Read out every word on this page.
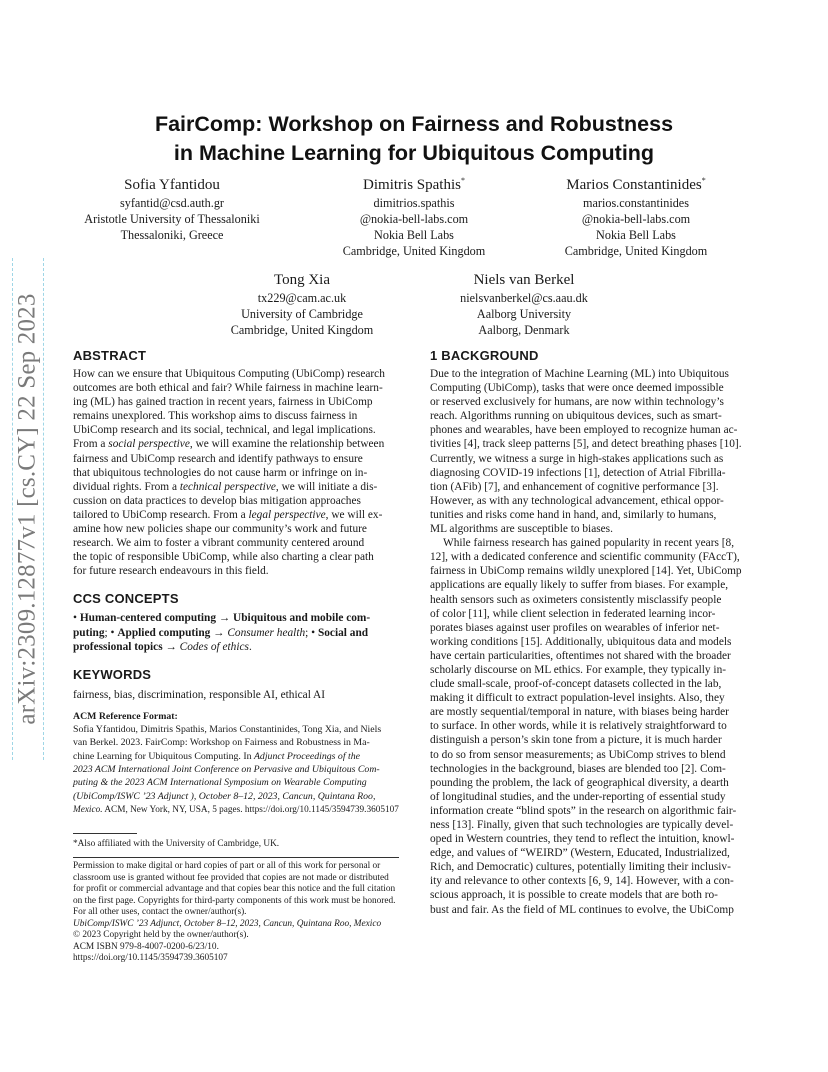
arXiv:2309.12877v1 [cs.CY] 22 Sep 2023
FairComp: Workshop on Fairness and Robustness
in Machine Learning for Ubiquitous Computing
Sofia Yfantidou
syfantid@csd.auth.gr
Aristotle University of Thessaloniki
Thessaloniki, Greece
Dimitris Spathis*
dimitrios.spathis
@nokia-bell-labs.com
Nokia Bell Labs
Cambridge, United Kingdom
Marios Constantinides*
marios.constantinides
@nokia-bell-labs.com
Nokia Bell Labs
Cambridge, United Kingdom
Tong Xia
tx229@cam.ac.uk
University of Cambridge
Cambridge, United Kingdom
Niels van Berkel
nielsvanberkel@cs.aau.dk
Aalborg University
Aalborg, Denmark
ABSTRACT
How can we ensure that Ubiquitous Computing (UbiComp) research
outcomes are both ethical and fair? While fairness in machine learn-
ing (ML) has gained traction in recent years, fairness in UbiComp
remains unexplored. This workshop aims to discuss fairness in
UbiComp research and its social, technical, and legal implications.
From a social perspective, we will examine the relationship between
fairness and UbiComp research and identify pathways to ensure
that ubiquitous technologies do not cause harm or infringe on in-
dividual rights. From a technical perspective, we will initiate a dis-
cussion on data practices to develop bias mitigation approaches
tailored to UbiComp research. From a legal perspective, we will ex-
amine how new policies shape our community’s work and future
research. We aim to foster a vibrant community centered around
the topic of responsible UbiComp, while also charting a clear path
for future research endeavours in this field.
CCS CONCEPTS
• Human-centered computing → Ubiquitous and mobile com-
puting; • Applied computing → Consumer health; • Social and
professional topics → Codes of ethics.
KEYWORDS
fairness, bias, discrimination, responsible AI, ethical AI
ACM Reference Format:
Sofia Yfantidou, Dimitris Spathis, Marios Constantinides, Tong Xia, and Niels
van Berkel. 2023. FairComp: Workshop on Fairness and Robustness in Ma-
chine Learning for Ubiquitous Computing. In Adjunct Proceedings of the
2023 ACM International Joint Conference on Pervasive and Ubiquitous Com-
puting & the 2023 ACM International Symposium on Wearable Computing
(UbiComp/ISWC ’23 Adjunct ), October 8–12, 2023, Cancun, Quintana Roo,
Mexico. ACM, New York, NY, USA, 5 pages. https://doi.org/10.1145/3594739.3605107
*Also affiliated with the University of Cambridge, UK.
Permission to make digital or hard copies of part or all of this work for personal or
classroom use is granted without fee provided that copies are not made or distributed
for profit or commercial advantage and that copies bear this notice and the full citation
on the first page. Copyrights for third-party components of this work must be honored.
For all other uses, contact the owner/author(s).
UbiComp/ISWC ’23 Adjunct, October 8–12, 2023, Cancun, Quintana Roo, Mexico
© 2023 Copyright held by the owner/author(s).
ACM ISBN 979-8-4007-0200-6/23/10.
https://doi.org/10.1145/3594739.3605107
1 BACKGROUND
Due to the integration of Machine Learning (ML) into Ubiquitous
Computing (UbiComp), tasks that were once deemed impossible
or reserved exclusively for humans, are now within technology’s
reach. Algorithms running on ubiquitous devices, such as smart-
phones and wearables, have been employed to recognize human ac-
tivities [4], track sleep patterns [5], and detect breathing phases [10].
Currently, we witness a surge in high-stakes applications such as
diagnosing COVID-19 infections [1], detection of Atrial Fibrilla-
tion (AFib) [7], and enhancement of cognitive performance [3].
However, as with any technological advancement, ethical oppor-
tunities and risks come hand in hand, and, similarly to humans,
ML algorithms are susceptible to biases.
While fairness research has gained popularity in recent years [8,
12], with a dedicated conference and scientific community (FAccT),
fairness in UbiComp remains wildly unexplored [14]. Yet, UbiComp
applications are equally likely to suffer from biases. For example,
health sensors such as oximeters consistently misclassify people
of color [11], while client selection in federated learning incor-
porates biases against user profiles on wearables of inferior net-
working conditions [15]. Additionally, ubiquitous data and models
have certain particularities, oftentimes not shared with the broader
scholarly discourse on ML ethics. For example, they typically in-
clude small-scale, proof-of-concept datasets collected in the lab,
making it difficult to extract population-level insights. Also, they
are mostly sequential/temporal in nature, with biases being harder
to surface. In other words, while it is relatively straightforward to
distinguish a person’s skin tone from a picture, it is much harder
to do so from sensor measurements; as UbiComp strives to blend
technologies in the background, biases are blended too [2]. Com-
pounding the problem, the lack of geographical diversity, a dearth
of longitudinal studies, and the under-reporting of essential study
information create “blind spots” in the research on algorithmic fair-
ness [13]. Finally, given that such technologies are typically devel-
oped in Western countries, they tend to reflect the intuition, knowl-
edge, and values of “WEIRD” (Western, Educated, Industrialized,
Rich, and Democratic) cultures, potentially limiting their inclusiv-
ity and relevance to other contexts [6, 9, 14]. However, with a con-
scious approach, it is possible to create models that are both ro-
bust and fair. As the field of ML continues to evolve, the UbiComp
